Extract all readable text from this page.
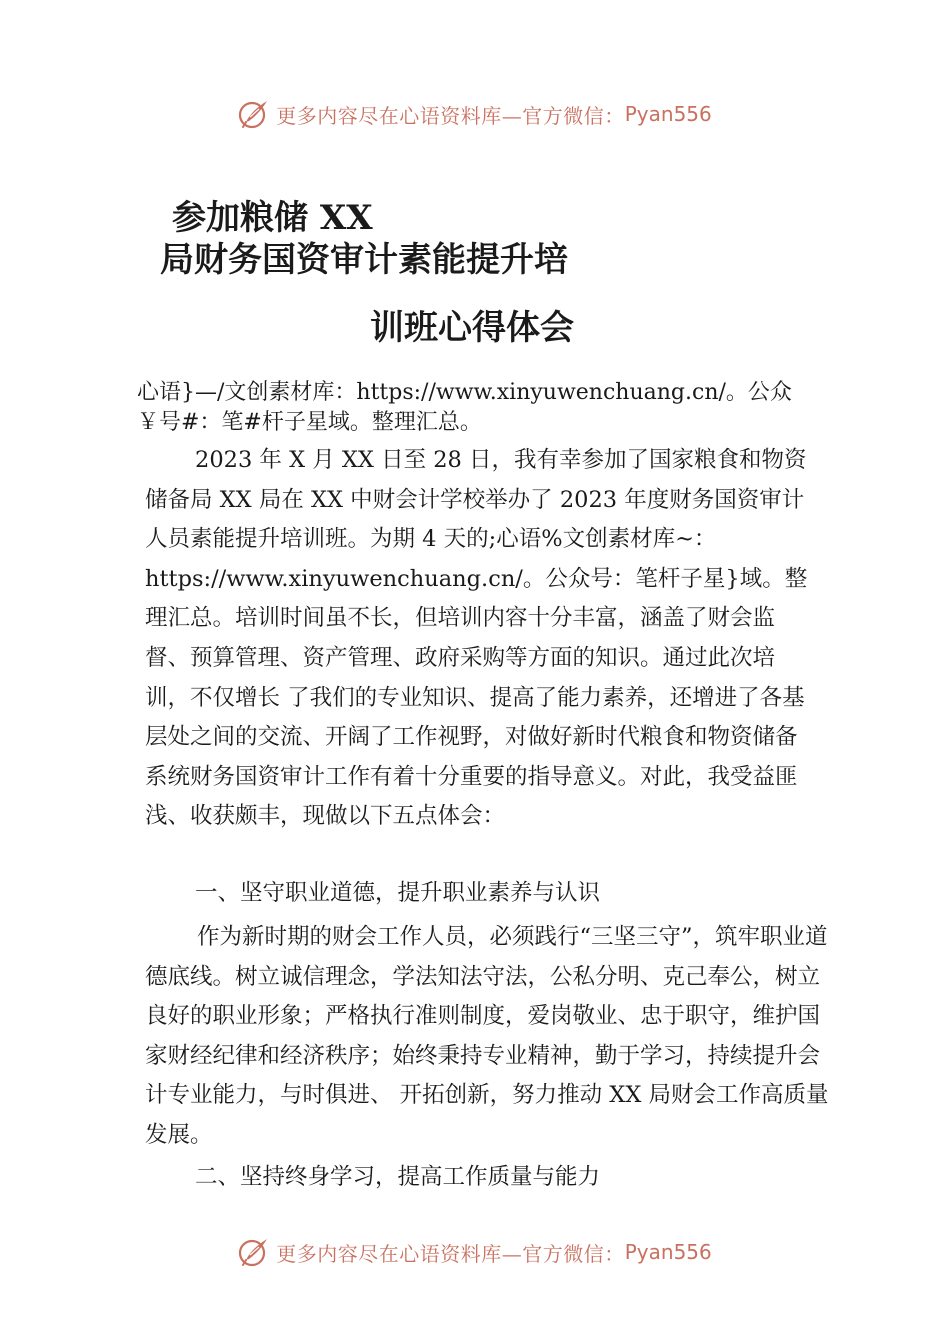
更多内容尽在心语资料库—官方微信： Pyan556
参加粮储 XX
局财务国资审计素能提升培
训班心得体会

心语}—/文创素材库：https://www.xinyuwenchuang.cn/。公众￥号#：笔#杆子星域。整理汇总。

2023 年 X 月 XX 日至 28 日，我有幸参加了国家粮食和物资储备局 XX 局在 XX 中财会计学校举办了 2023 年度财务国资审计人员素能提升培训班。为期 4 天的;心语%文创素材库~：https://www.xinyuwenchuang.cn/。公众号：笔杆子星}域。整理汇总。培训时间虽不长，但培训内容十分丰富，涵盖了财会监督、预算管理、资产管理、政府采购等方面的知识。通过此次培训，不仅增长 了我们的专业知识、提高了能力素养，还增进了各基层处之间的交流、开阔了工作视野，对做好新时代粮食和物资储备系统财务国资审计工作有着十分重要的指导意义。对此，我受益匪浅、收获颇丰，现做以下五点体会：

一、坚守职业道德，提升职业素养与认识

作为新时期的财会工作人员，必须践行“三坚三守”，筑牢职业道德底线。树立诚信理念，学法知法守法，公私分明、克己奉公，树立良好的职业形象；严格执行准则制度，爱岗敬业、忠于职守，维护国家财经纪律和经济秩序；始终秉持专业精神，勤于学习，持续提升会计专业能力，与时俱进、 开拓创新，努力推动 XX 局财会工作高质量发展。

二、坚持终身学习，提高工作质量与能力

更多内容尽在心语资料库—官方微信： Pyan556
